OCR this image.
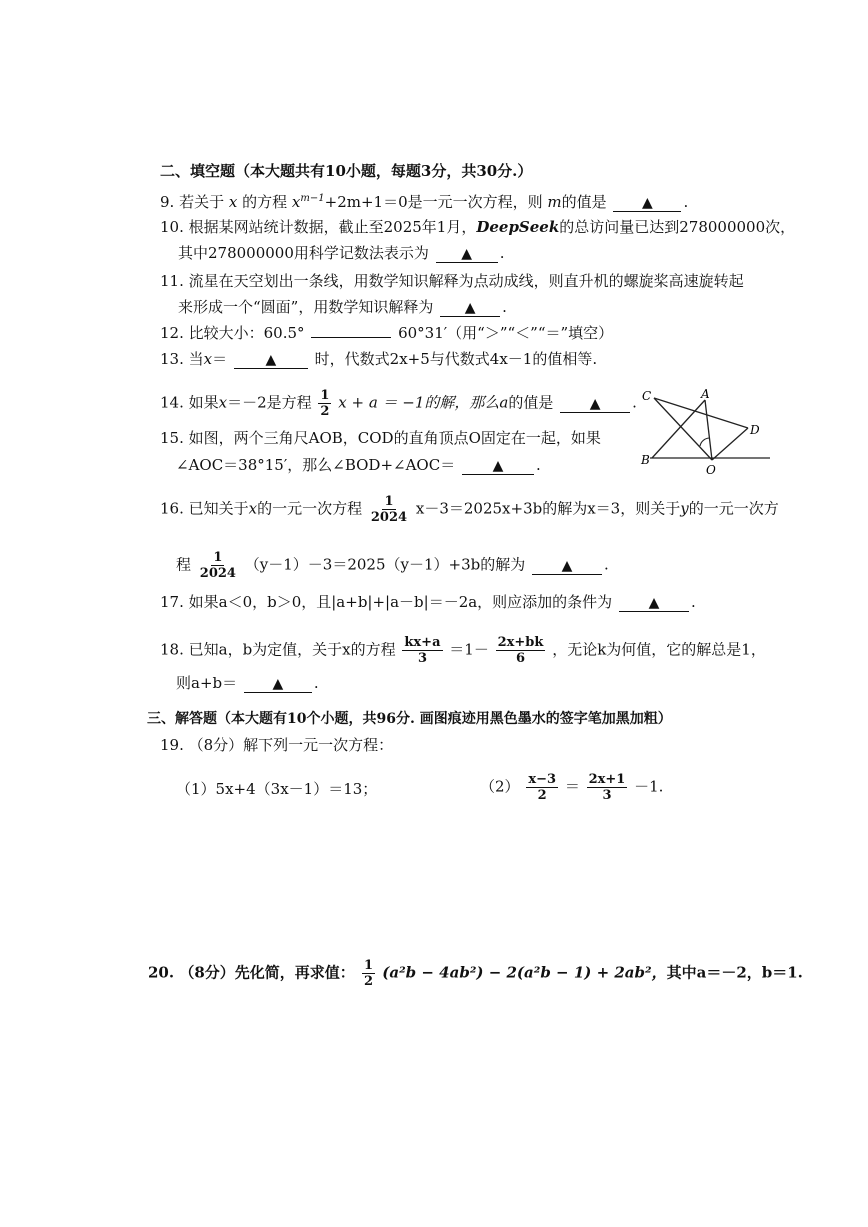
二、填空题（本大题共有10小题，每题3分，共30分.）
9. 若关于 x 的方程 $x^{m-1}+2m+1=0$是一元一次方程，则 m的值是	▲ .
10. 根据某网站统计数据，截止至2025年1月，DeepSeek的总访问量已达到278000000次，
其中278000000用科学记数法表示为 ▲ .
11. 流星在天空划出一条线，用数学知识解释为点动成线，则直升机的螺旋桨高速旋转起
来形成一个“圆面”，用数学知识解释为 ▲ .
12. 比较大小：60.5°	60°31′（用“＞”“＜”“＝”填空）
13. 当x＝	▲	时，代数式2x+5与代数式4x－1的值相等.
14. 如果x＝－2是方程 $\frac{1}{2}$ x + a ＝ −1的解，那么a的值是	▲ .
15. 如图，两个三角尺AOB，COD的直角顶点O固定在一起，如果
∠AOC＝38°15′，那么∠BOD+∠AOC＝	▲ .
C	A
D
B
O
16. 已知关于x的一元一次方程 $\frac{1}{2024} x-3=2025x+3b$的解为x＝3，则关于y的一元一次方
程 $\frac{1}{2024} (y-1)-3=2025(y-1)+3b$的解为	▲ .
17. 如果a＜0，b＞0，且|a+b|+|a－b|＝－2a，则应添加的条件为	▲ .
18. 已知a，b为定值，关于x的方程 $\frac{kx+a}{3} =1- \frac{2x+bk}{6}$ ，无论k为何值，它的解总是1，
则a+b＝	▲ .
三、解答题（本大题有10个小题，共96分. 画图痕迹用黑色墨水的签字笔加黑加粗）
19. （8分）解下列一元一次方程：
（1）5x+4（3x－1）＝13；	$(2) \frac{x-3}{2} = \frac{2x+1}{3} -1$.
20. （8分）先化简，再求值： $\frac{1}{2} (a^2b - 4ab^2) - 2(a^2b - 1) + 2ab^2$，其中a＝－2，b＝1.
